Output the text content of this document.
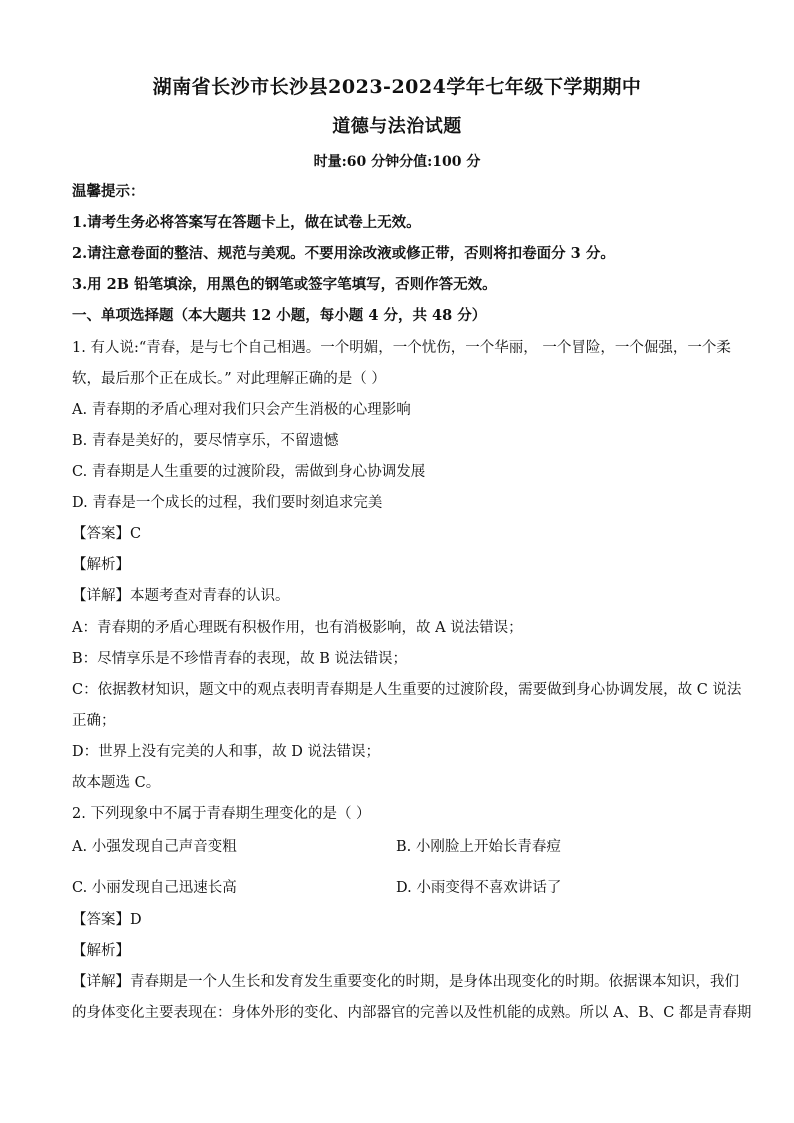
湖南省长沙市长沙县2023-2024学年七年级下学期期中
道德与法治试题
时量:60 分钟分值:100 分
温馨提示：
1.请考生务必将答案写在答题卡上，做在试卷上无效。
2.请注意卷面的整洁、规范与美观。不要用涂改液或修正带，否则将扣卷面分 3 分。
3.用 2B 铅笔填涂，用黑色的钢笔或签字笔填写，否则作答无效。
一、单项选择题（本大题共 12 小题，每小题 4 分，共 48 分）
1. 有人说:“青春，是与七个自己相遇。一个明媚，一个忧伤，一个华丽， 一个冒险，一个倔强，一个柔
软，最后那个正在成长。” 对此理解正确的是（ ）
A. 青春期的矛盾心理对我们只会产生消极的心理影响
B. 青春是美好的，要尽情享乐，不留遗憾
C. 青春期是人生重要的过渡阶段，需做到身心协调发展
D. 青春是一个成长的过程，我们要时刻追求完美
【答案】C
【解析】
【详解】本题考查对青春的认识。
A：青春期的矛盾心理既有积极作用，也有消极影响，故 A 说法错误；
B：尽情享乐是不珍惜青春的表现，故 B 说法错误；
C：依据教材知识，题文中的观点表明青春期是人生重要的过渡阶段，需要做到身心协调发展，故 C 说法
正确；
D：世界上没有完美的人和事，故 D 说法错误；
故本题选 C。
2. 下列现象中不属于青春期生理变化的是（ ）
A. 小强发现自己声音变粗	B. 小刚脸上开始长青春痘
C. 小丽发现自己迅速长高	D. 小雨变得不喜欢讲话了
【答案】D
【解析】
【详解】青春期是一个人生长和发育发生重要变化的时期，是身体出现变化的时期。依据课本知识，我们
的身体变化主要表现在：身体外形的变化、内部器官的完善以及性机能的成熟。所以 A、B、C 都是青春期
